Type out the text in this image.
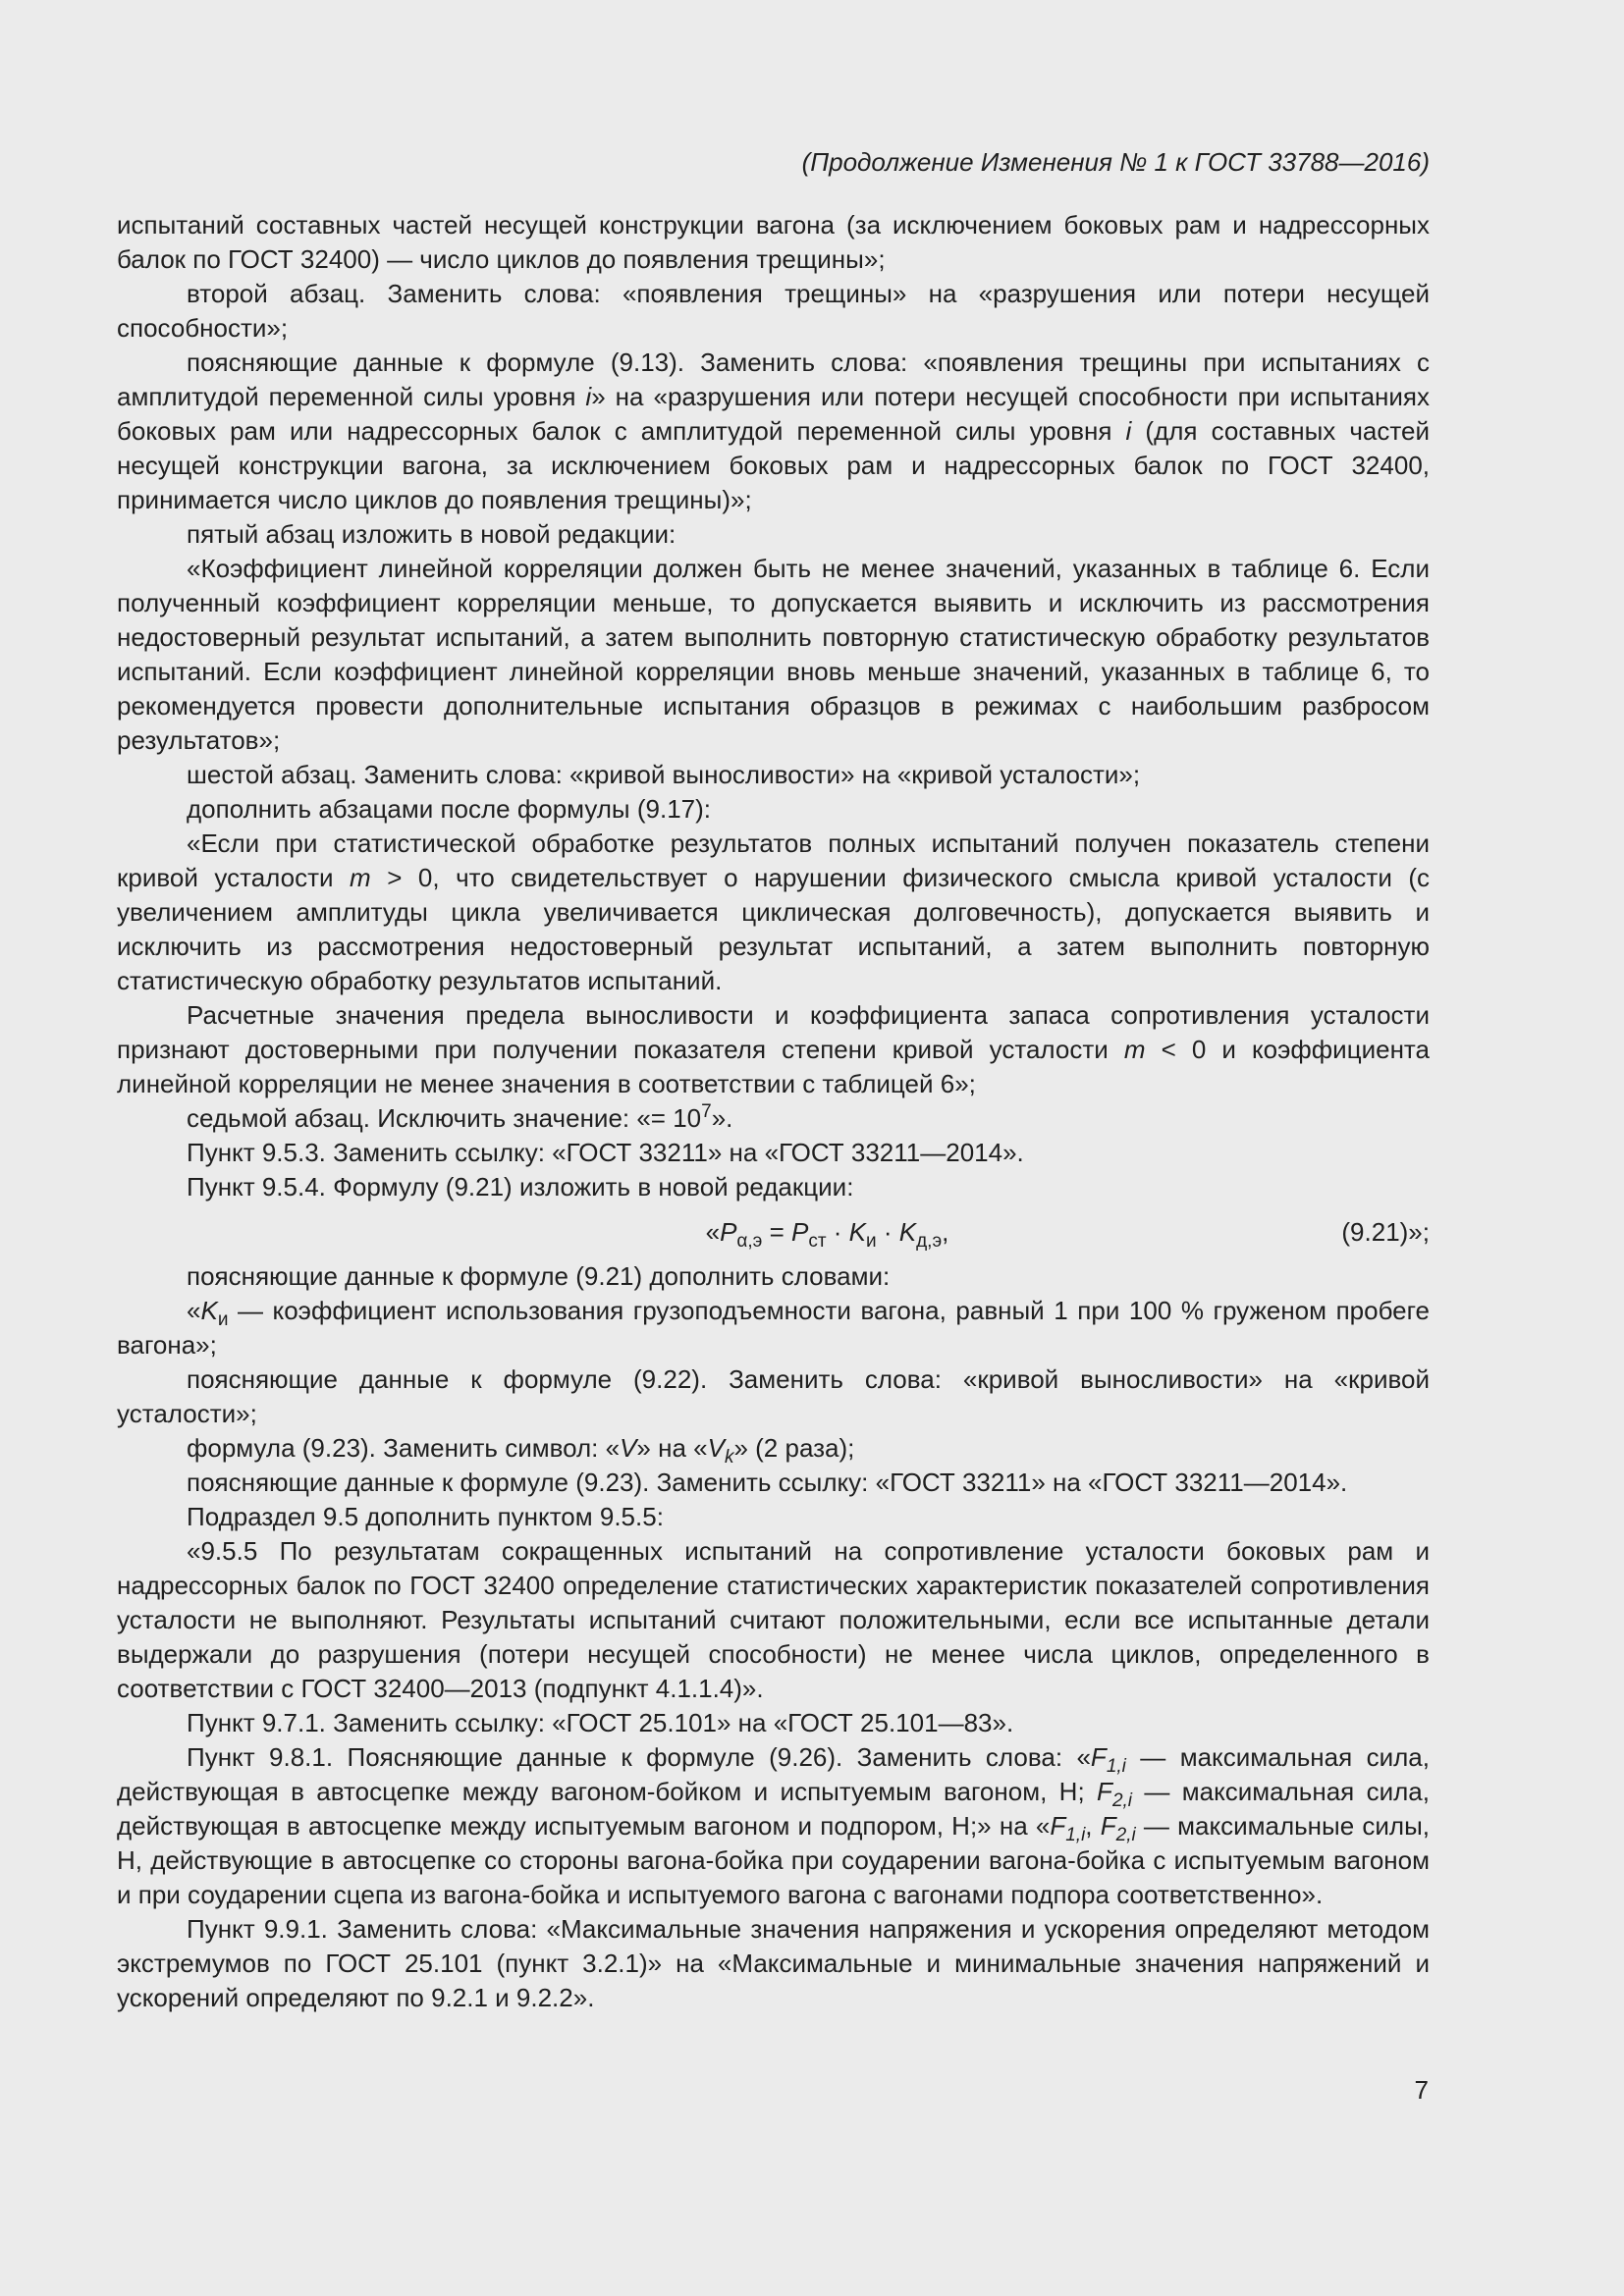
(Продолжение Изменения № 1 к ГОСТ 33788—2016)

испытаний составных частей несущей конструкции вагона (за исключением боковых рам и надрессорных балок по ГОСТ 32400) — число циклов до появления трещины»;

второй абзац. Заменить слова: «появления трещины» на «разрушения или потери несущей способности»;

поясняющие данные к формуле (9.13). Заменить слова: «появления трещины при испытаниях с амплитудой переменной силы уровня i» на «разрушения или потери несущей способности при испытаниях боковых рам или надрессорных балок с амплитудой переменной силы уровня i (для составных частей несущей конструкции вагона, за исключением боковых рам и надрессорных балок по ГОСТ 32400, принимается число циклов до появления трещины)»;

пятый абзац изложить в новой редакции:

«Коэффициент линейной корреляции должен быть не менее значений, указанных в таблице 6. Если полученный коэффициент корреляции меньше, то допускается выявить и исключить из рассмотрения недостоверный результат испытаний, а затем выполнить повторную статистическую обработку результатов испытаний. Если коэффициент линейной корреляции вновь меньше значений, указанных в таблице 6, то рекомендуется провести дополнительные испытания образцов в режимах с наибольшим разбросом результатов»;

шестой абзац. Заменить слова: «кривой выносливости» на «кривой усталости»;

дополнить абзацами после формулы (9.17):

«Если при статистической обработке результатов полных испытаний получен показатель степени кривой усталости m > 0, что свидетельствует о нарушении физического смысла кривой усталости (с увеличением амплитуды цикла увеличивается циклическая долговечность), допускается выявить и исключить из рассмотрения недостоверный результат испытаний, а затем выполнить повторную статистическую обработку результатов испытаний.

Расчетные значения предела выносливости и коэффициента запаса сопротивления усталости признают достоверными при получении показателя степени кривой усталости m < 0 и коэффициента линейной корреляции не менее значения в соответствии с таблицей 6»;

седьмой абзац. Исключить значение: «= $10^7$».

Пункт 9.5.3. Заменить ссылку: «ГОСТ 33211» на «ГОСТ 33211—2014».

Пункт 9.5.4. Формулу (9.21) изложить в новой редакции:

«$P_{\alpha,э} = P_{ст} \cdot K_и \cdot K_{д,э}$,	(9.21)»;

поясняющие данные к формуле (9.21) дополнить словами:

«$K_и$ — коэффициент использования грузоподъемности вагона, равный 1 при 100 % груженом пробеге вагона»;

поясняющие данные к формуле (9.22). Заменить слова: «кривой выносливости» на «кривой усталости»;

формула (9.23). Заменить символ: «V» на «$V_k$» (2 раза);

поясняющие данные к формуле (9.23). Заменить ссылку: «ГОСТ 33211» на «ГОСТ 33211—2014».

Подраздел 9.5 дополнить пунктом 9.5.5:

«9.5.5 По результатам сокращенных испытаний на сопротивление усталости боковых рам и надрессорных балок по ГОСТ 32400 определение статистических характеристик показателей сопротивления усталости не выполняют. Результаты испытаний считают положительными, если все испытанные детали выдержали до разрушения (потери несущей способности) не менее числа циклов, определенного в соответствии с ГОСТ 32400—2013 (подпункт 4.1.1.4)».

Пункт 9.7.1. Заменить ссылку: «ГОСТ 25.101» на «ГОСТ 25.101—83».

Пункт 9.8.1. Поясняющие данные к формуле (9.26). Заменить слова: «$F_{1,i}$ — максимальная сила, действующая в автосцепке между вагоном-бойком и испытуемым вагоном, Н; $F_{2,i}$ — максимальная сила, действующая в автосцепке между испытуемым вагоном и подпором, Н;» на «$F_{1,i}$, $F_{2,i}$ — максимальные силы, Н, действующие в автосцепке со стороны вагона-бойка при соударении вагона-бойка с испытуемым вагоном и при соударении сцепа из вагона-бойка и испытуемого вагона с вагонами подпора соответственно».

Пункт 9.9.1. Заменить слова: «Максимальные значения напряжения и ускорения определяют методом экстремумов по ГОСТ 25.101 (пункт 3.2.1)» на «Максимальные и минимальные значения напряжений и ускорений определяют по 9.2.1 и 9.2.2».

7
